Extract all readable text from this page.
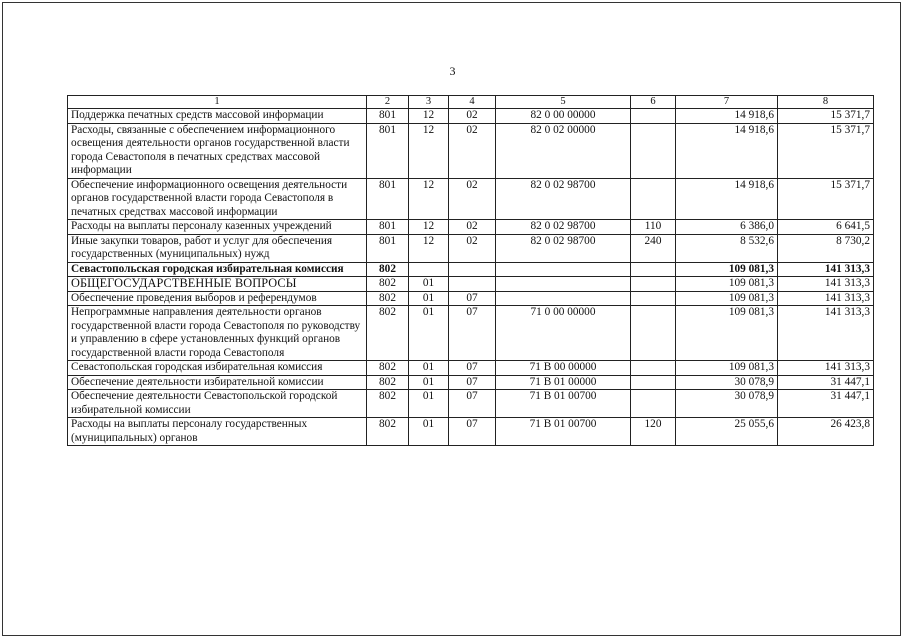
3
1	2	3	4	5	6	7	8
Поддержка печатных средств массовой информации	801	12	02	82 0 00 00000		14 918,6	15 371,7
Расходы, связанные с обеспечением информационного освещения деятельности органов государственной власти города Севастополя в печатных средствах массовой информации	801	12	02	82 0 02 00000		14 918,6	15 371,7
Обеспечение информационного освещения деятельности органов государственной власти города Севастополя в печатных средствах массовой информации	801	12	02	82 0 02 98700		14 918,6	15 371,7
Расходы на выплаты персоналу казенных учреждений	801	12	02	82 0 02 98700	110	6 386,0	6 641,5
Иные закупки товаров, работ и услуг для обеспечения государственных (муниципальных) нужд	801	12	02	82 0 02 98700	240	8 532,6	8 730,2
Севастопольская городская избирательная комиссия	802					109 081,3	141 313,3
ОБЩЕГОСУДАРСТВЕННЫЕ ВОПРОСЫ	802	01				109 081,3	141 313,3
Обеспечение проведения выборов и референдумов	802	01	07			109 081,3	141 313,3
Непрограммные направления деятельности органов государственной власти города Севастополя по руководству и управлению в сфере установленных функций органов государственной власти города Севастополя	802	01	07	71 0 00 00000		109 081,3	141 313,3
Севастопольская городская избирательная комиссия	802	01	07	71 В 00 00000		109 081,3	141 313,3
Обеспечение деятельности избирательной комиссии	802	01	07	71 В 01 00000		30 078,9	31 447,1
Обеспечение деятельности Севастопольской городской избирательной комиссии	802	01	07	71 В 01 00700		30 078,9	31 447,1
Расходы на выплаты персоналу государственных (муниципальных) органов	802	01	07	71 В 01 00700	120	25 055,6	26 423,8
